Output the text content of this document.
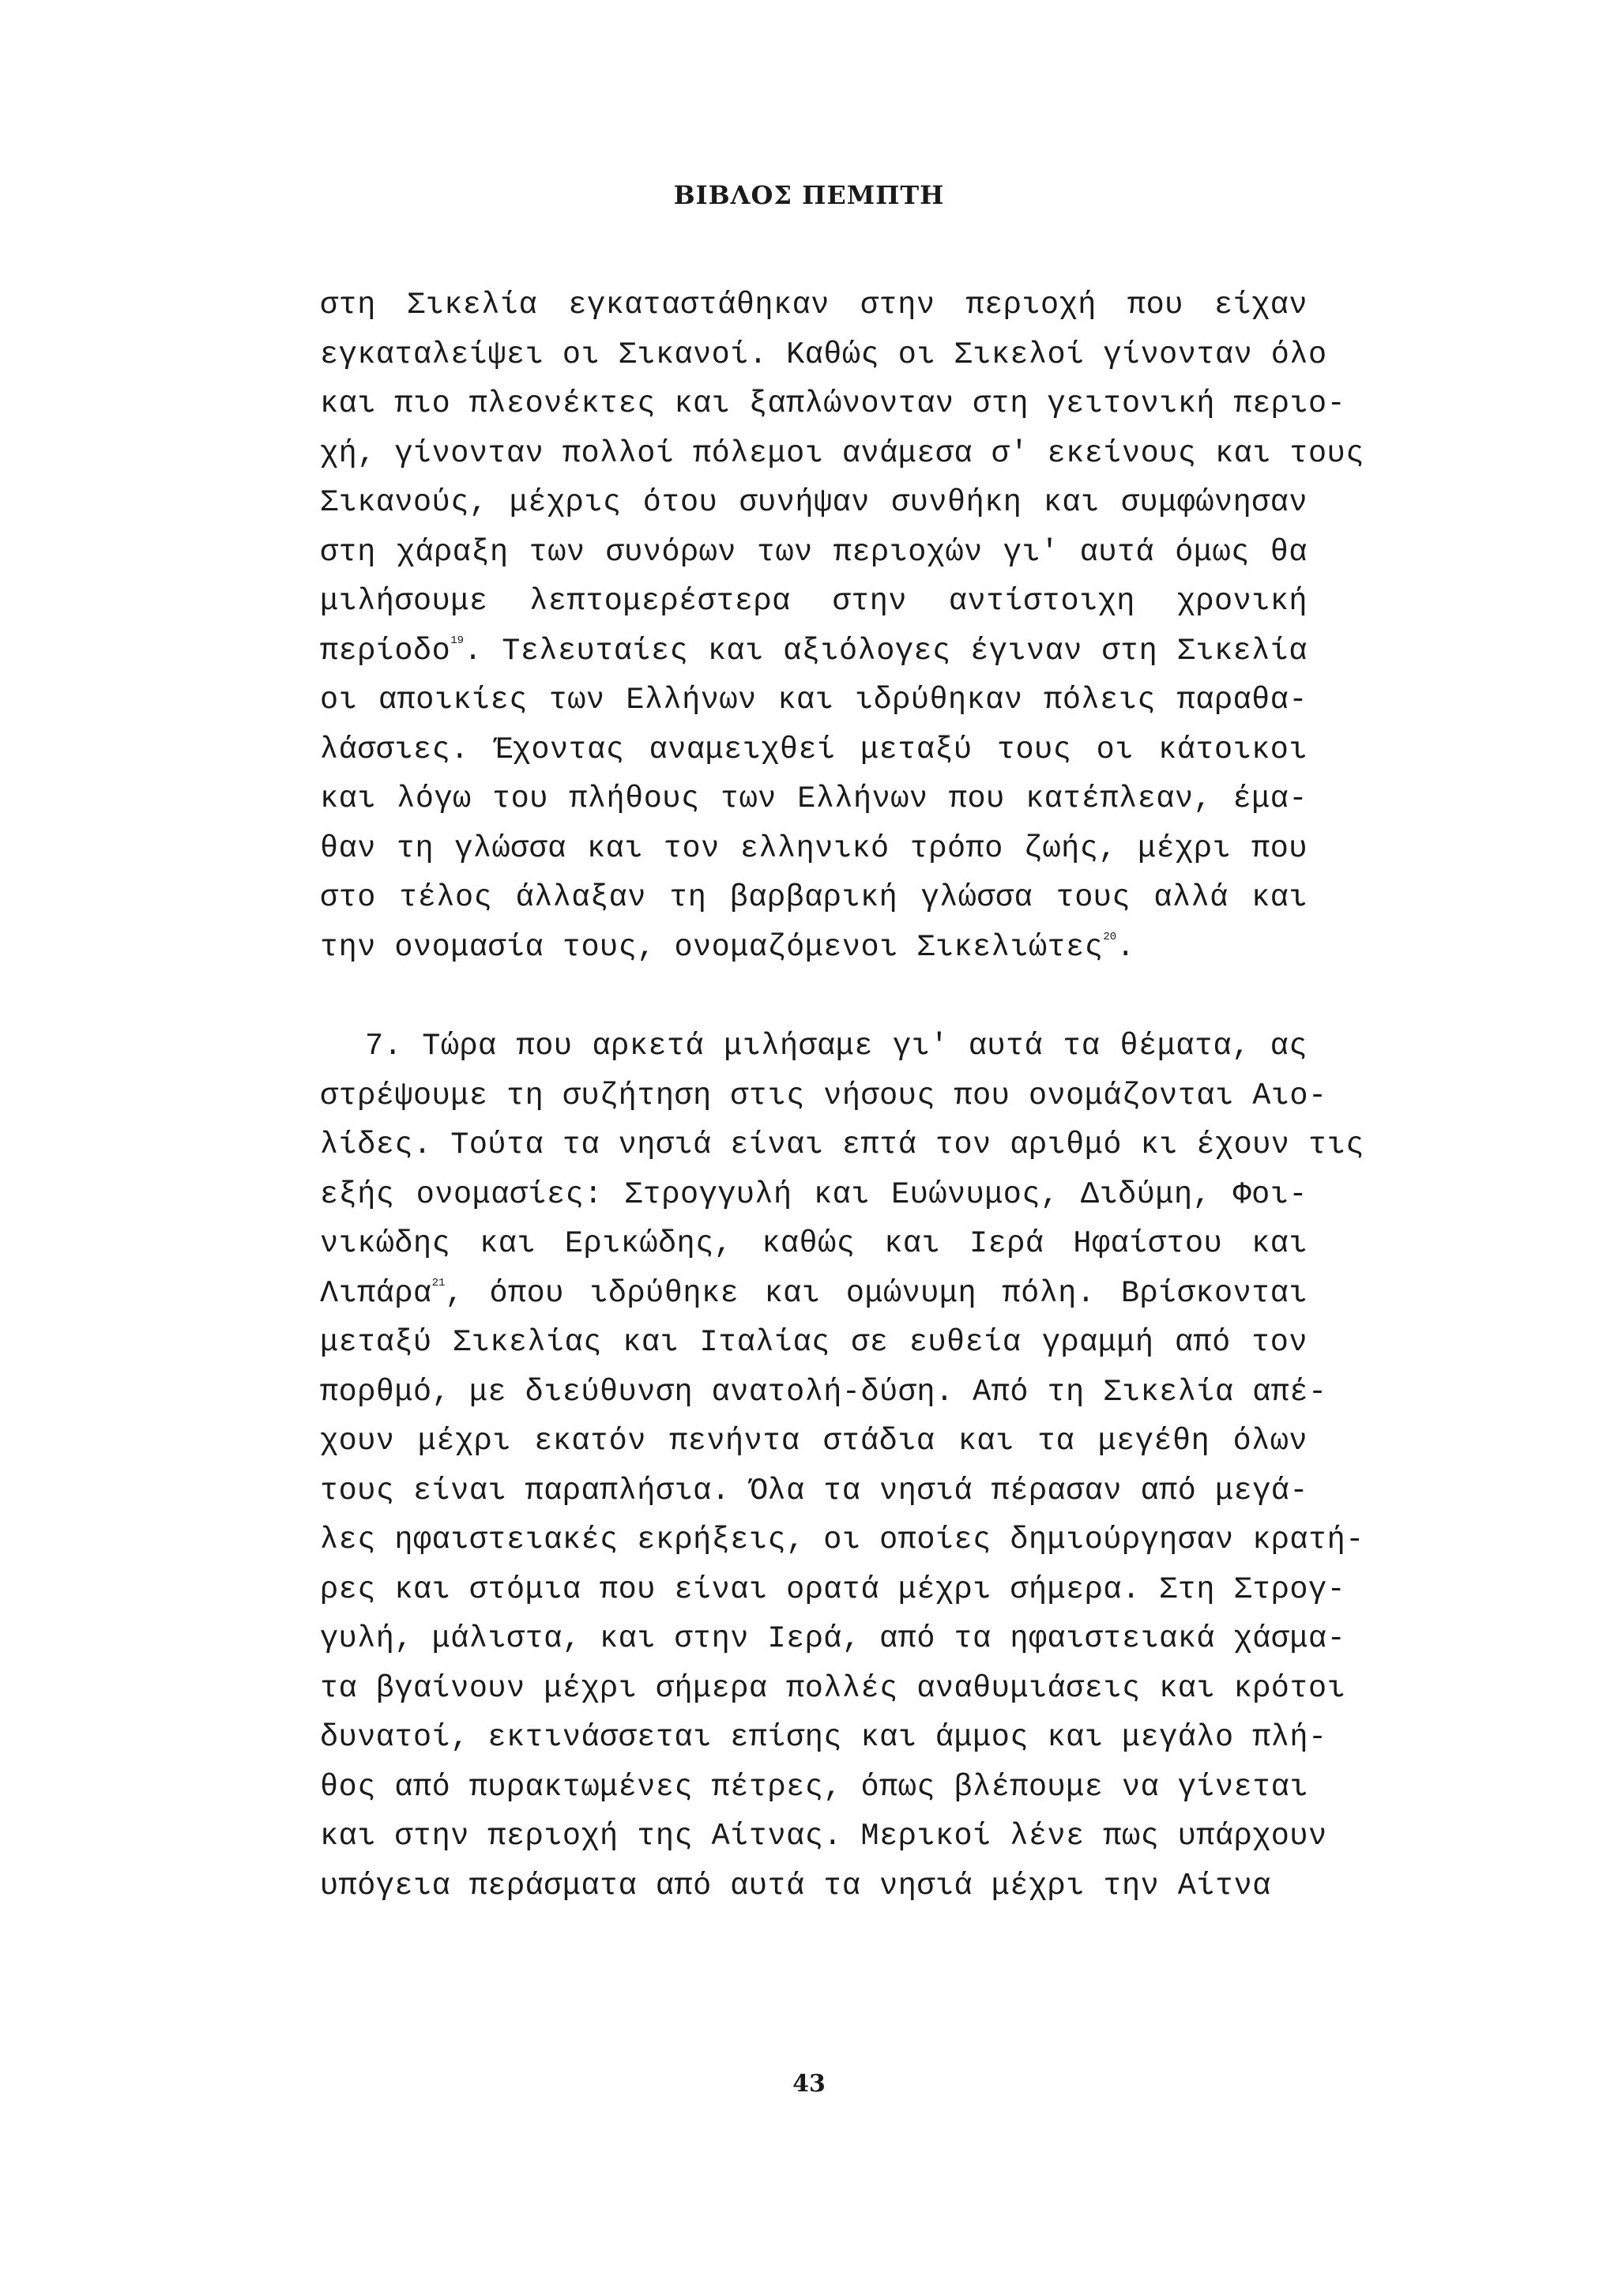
ΒΙΒΛΟΣ ΠΕΜΠΤΗ
στη Σικελία εγκαταστάθηκαν στην περιοχή που είχαν
εγκαταλείψει οι Σικανοί. Καθώς οι Σικελοί γίνονταν όλο
και πιο πλεονέκτες και ξαπλώνονταν στη γειτονική περιο-
χή, γίνονταν πολλοί πόλεμοι ανάμεσα σ' εκείνους και τους
Σικανούς, μέχρις ότου συνήψαν συνθήκη και συμφώνησαν
στη χάραξη των συνόρων των περιοχών γι' αυτά όμως θα
μιλήσουμε λεπτομερέστερα στην αντίστοιχη χρονική
περίοδο$^{19}$. Τελευταίες και αξιόλογες έγιναν στη Σικελία
οι αποικίες των Ελλήνων και ιδρύθηκαν πόλεις παραθα-
λάσσιες. Έχοντας αναμειχθεί μεταξύ τους οι κάτοικοι
και λόγω του πλήθους των Ελλήνων που κατέπλεαν, έμα-
θαν τη γλώσσα και τον ελληνικό τρόπο ζωής, μέχρι που
στο τέλος άλλαξαν τη βαρβαρική γλώσσα τους αλλά και
την ονομασία τους, ονομαζόμενοι Σικελιώτες$^{20}$.
7. Τώρα που αρκετά μιλήσαμε γι' αυτά τα θέματα, ας
στρέψουμε τη συζήτηση στις νήσους που ονομάζονται Αιο-
λίδες. Τούτα τα νησιά είναι επτά τον αριθμό κι έχουν τις
εξής ονομασίες: Στρογγυλή και Ευώνυμος, Διδύμη, Φοι-
νικώδης και Ερικώδης, καθώς και Ιερά Ηφαίστου και
Λιπάρα$^{21}$, όπου ιδρύθηκε και ομώνυμη πόλη. Βρίσκονται
μεταξύ Σικελίας και Ιταλίας σε ευθεία γραμμή από τον
πορθμό, με διεύθυνση ανατολή-δύση. Από τη Σικελία απέ-
χουν μέχρι εκατόν πενήντα στάδια και τα μεγέθη όλων
τους είναι παραπλήσια. Όλα τα νησιά πέρασαν από μεγά-
λες ηφαιστειακές εκρήξεις, οι οποίες δημιούργησαν κρατή-
ρες και στόμια που είναι ορατά μέχρι σήμερα. Στη Στρογ-
γυλή, μάλιστα, και στην Ιερά, από τα ηφαιστειακά χάσμα-
τα βγαίνουν μέχρι σήμερα πολλές αναθυμιάσεις και κρότοι
δυνατοί, εκτινάσσεται επίσης και άμμος και μεγάλο πλή-
θος από πυρακτωμένες πέτρες, όπως βλέπουμε να γίνεται
και στην περιοχή της Αίτνας. Μερικοί λένε πως υπάρχουν
υπόγεια περάσματα από αυτά τα νησιά μέχρι την Αίτνα
43
